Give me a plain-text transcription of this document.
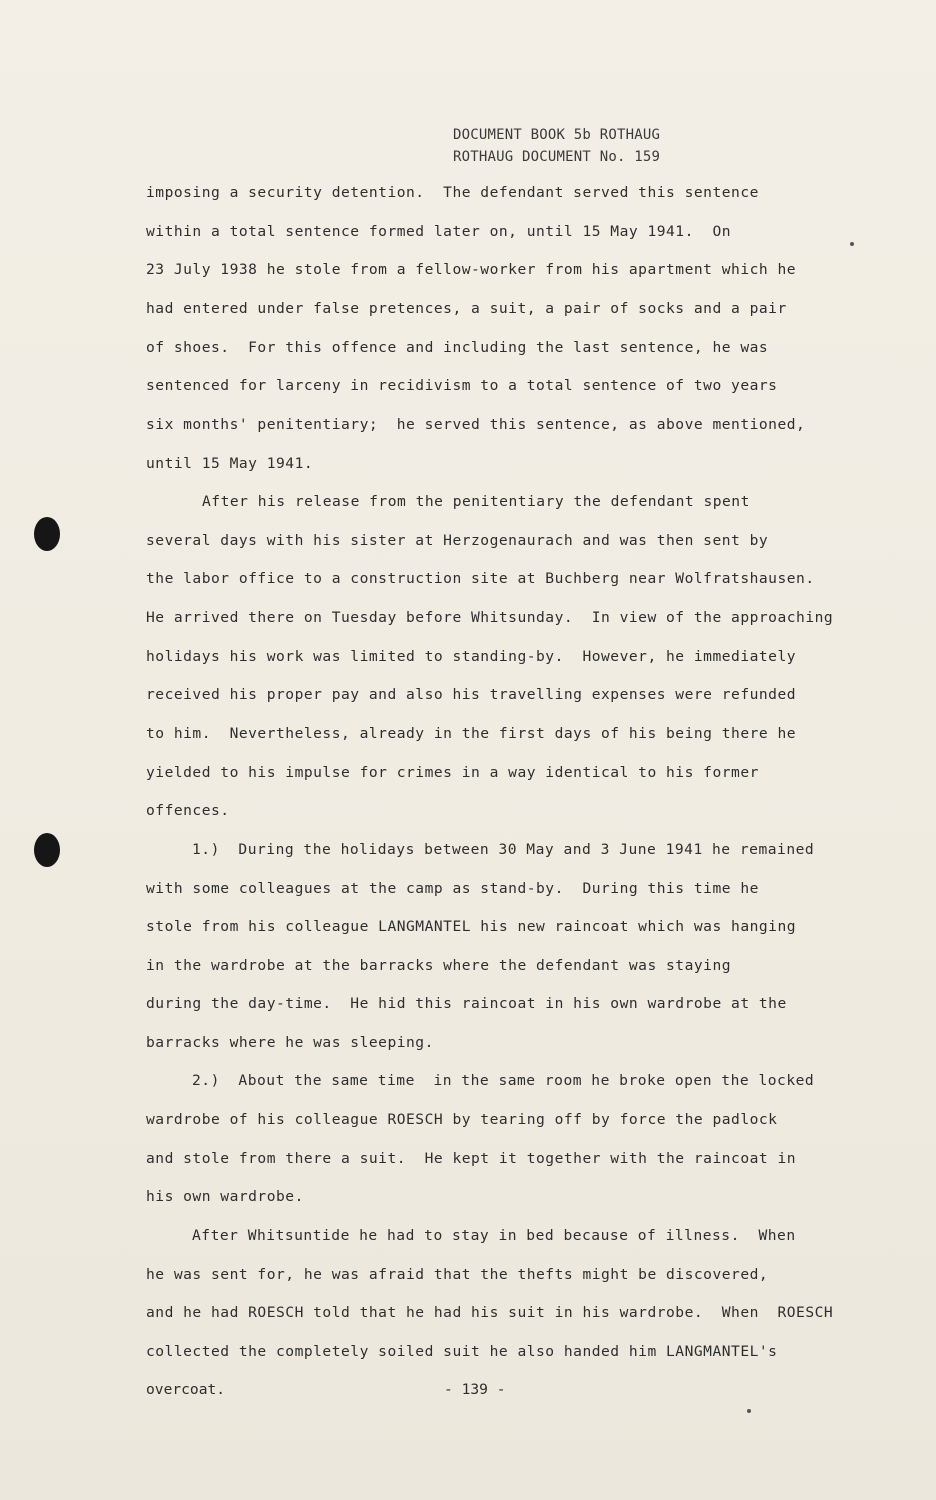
DOCUMENT BOOK 5b ROTHAUG
ROTHAUG DOCUMENT No. 159
imposing a security detention.  The defendant served this sentence
within a total sentence formed later on, until 15 May 1941.  On
23 July 1938 he stole from a fellow-worker from his apartment which he
had entered under false pretences, a suit, a pair of socks and a pair
of shoes.  For this offence and including the last sentence, he was
sentenced for larceny in recidivism to a total sentence of two years
six months' penitentiary;  he served this sentence, as above mentioned,
until 15 May 1941.
After his release from the penitentiary the defendant spent
several days with his sister at Herzogenaurach and was then sent by
the labor office to a construction site at Buchberg near Wolfratshausen.
He arrived there on Tuesday before Whitsunday.  In view of the approaching
holidays his work was limited to standing-by.  However, he immediately
received his proper pay and also his travelling expenses were refunded
to him.  Nevertheless, already in the first days of his being there he
yielded to his impulse for crimes in a way identical to his former
offences.
1.)  During the holidays between 30 May and 3 June 1941 he remained
with some colleagues at the camp as stand-by.  During this time he
stole from his colleague LANGMANTEL his new raincoat which was hanging
in the wardrobe at the barracks where the defendant was staying
during the day-time.  He hid this raincoat in his own wardrobe at the
barracks where he was sleeping.
2.)  About the same time  in the same room he broke open the locked
wardrobe of his colleague ROESCH by tearing off by force the padlock
and stole from there a suit.  He kept it together with the raincoat in
his own wardrobe.
After Whitsuntide he had to stay in bed because of illness.  When
he was sent for, he was afraid that the thefts might be discovered,
and he had ROESCH told that he had his suit in his wardrobe.  When  ROESCH
collected the completely soiled suit he also handed him LANGMANTEL's
overcoat.	- 139 -
